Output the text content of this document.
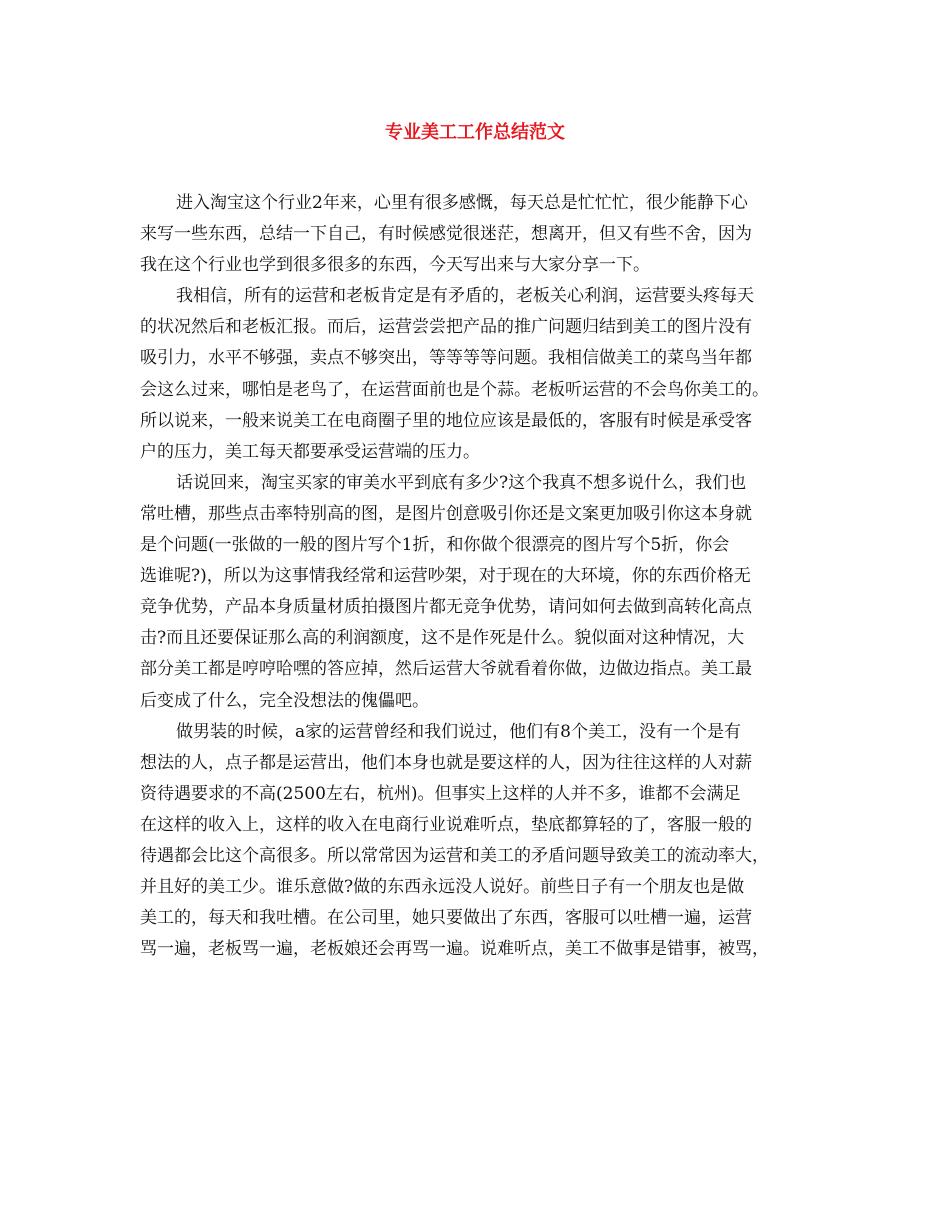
专业美工工作总结范文
进入淘宝这个行业2年来，心里有很多感慨，每天总是忙忙忙，很少能静下心
来写一些东西，总结一下自己，有时候感觉很迷茫，想离开，但又有些不舍，因为
我在这个行业也学到很多很多的东西，今天写出来与大家分享一下。
我相信，所有的运营和老板肯定是有矛盾的，老板关心利润，运营要头疼每天
的状况然后和老板汇报。而后，运营尝尝把产品的推广问题归结到美工的图片没有
吸引力，水平不够强，卖点不够突出，等等等等问题。我相信做美工的菜鸟当年都
会这么过来，哪怕是老鸟了，在运营面前也是个蒜。老板听运营的不会鸟你美工的。
所以说来，一般来说美工在电商圈子里的地位应该是最低的，客服有时候是承受客
户的压力，美工每天都要承受运营端的压力。
话说回来，淘宝买家的审美水平到底有多少?这个我真不想多说什么，我们也
常吐槽，那些点击率特别高的图，是图片创意吸引你还是文案更加吸引你这本身就
是个问题(一张做的一般的图片写个1折，和你做个很漂亮的图片写个5折，你会
选谁呢?)，所以为这事情我经常和运营吵架，对于现在的大环境，你的东西价格无
竞争优势，产品本身质量材质拍摄图片都无竞争优势，请问如何去做到高转化高点
击?而且还要保证那么高的利润额度，这不是作死是什么。貌似面对这种情况，大
部分美工都是哼哼哈嘿的答应掉，然后运营大爷就看着你做，边做边指点。美工最
后变成了什么，完全没想法的傀儡吧。
做男装的时候，a家的运营曾经和我们说过，他们有8个美工，没有一个是有
想法的人，点子都是运营出，他们本身也就是要这样的人，因为往往这样的人对薪
资待遇要求的不高(2500左右，杭州)。但事实上这样的人并不多，谁都不会满足
在这样的收入上，这样的收入在电商行业说难听点，垫底都算轻的了，客服一般的
待遇都会比这个高很多。所以常常因为运营和美工的矛盾问题导致美工的流动率大，
并且好的美工少。谁乐意做?做的东西永远没人说好。前些日子有一个朋友也是做
美工的，每天和我吐槽。在公司里，她只要做出了东西，客服可以吐槽一遍，运营
骂一遍，老板骂一遍，老板娘还会再骂一遍。说难听点，美工不做事是错事，被骂，
